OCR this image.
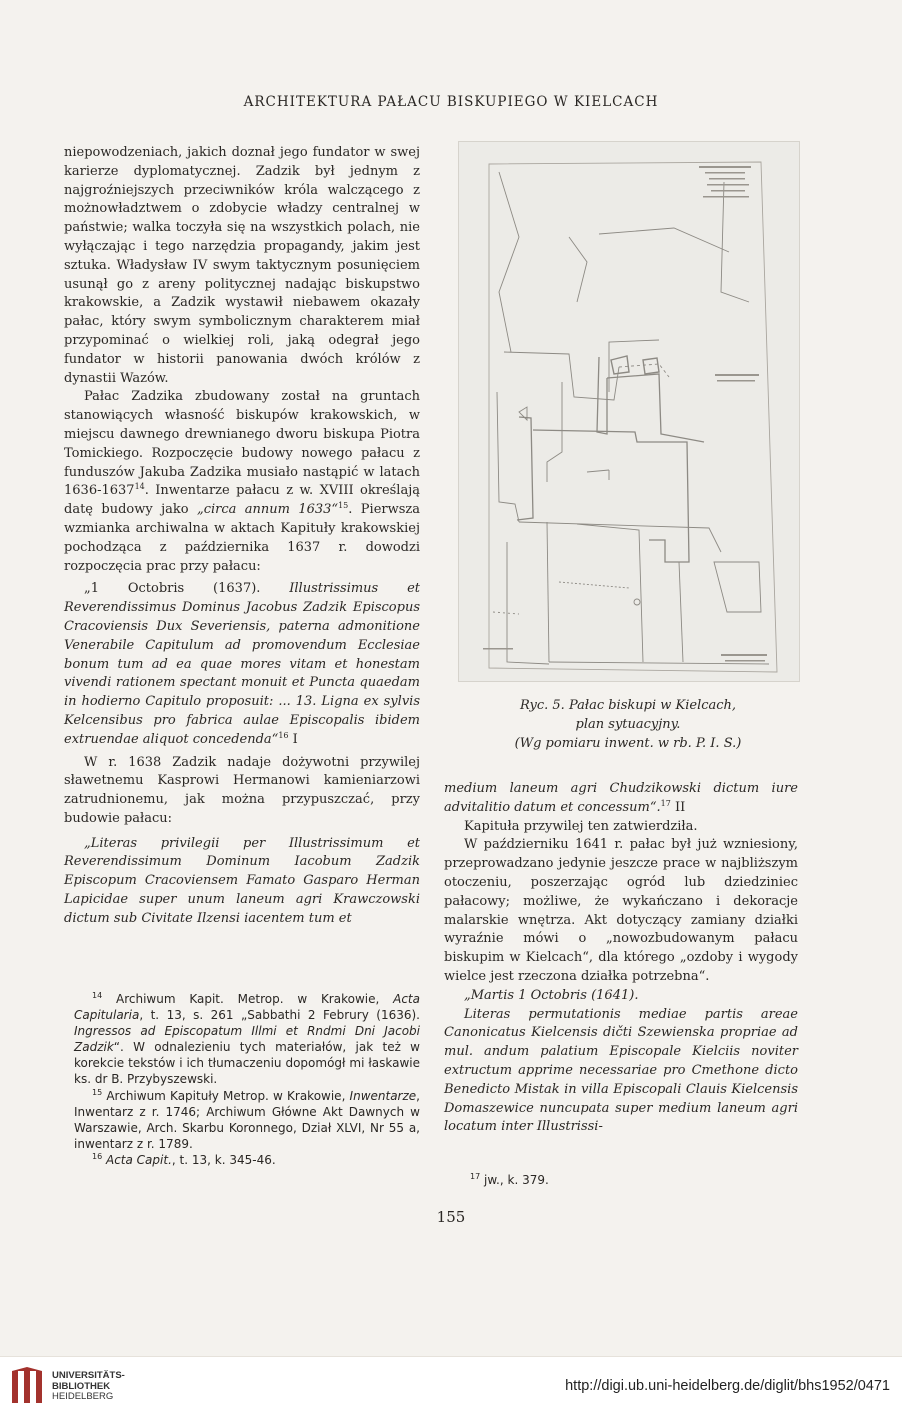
ARCHITEKTURA PAŁACU BISKUPIEGO W KIELCACH

niepowodzeniach, jakich doznał jego fundator w swej karierze dyplomatycznej. Zadzik był jednym z najgroźniejszych przeciwników króla walczącego z możnowładztwem o zdobycie władzy centralnej w państwie; walka toczyła się na wszystkich polach, nie wyłączając i tego narzędzia propagandy, jakim jest sztuka. Władysław IV swym taktycznym posunięciem usunął go z areny politycznej nadając biskupstwo krakowskie, a Zadzik wystawił niebawem okazały pałac, który swym symbolicznym charakterem miał przypominać o wielkiej roli, jaką odegrał jego fundator w historii panowania dwóch królów z dynastii Wazów.

Pałac Zadzika zbudowany został na gruntach stanowiących własność biskupów krakowskich, w miejscu dawnego drewnianego dworu biskupa Piotra Tomickiego. Rozpoczęcie budowy nowego pałacu z funduszów Jakuba Zadzika musiało nastąpić w latach 1636-1637$^{14}$. Inwentarze pałacu z w. XVIII określają datę budowy jako „circa annum 1633“$^{15}$. Pierwsza wzmianka archiwalna w aktach Kapituły krakowskiej pochodząca z października 1637 r. dowodzi rozpoczęcia prac przy pałacu:

„1 Octobris (1637). Illustrissimus et Reverendissimus Dominus Jacobus Zadzik Episcopus Cracoviensis Dux Severiensis, paterna admonitione Venerabile Capitulum ad promovendum Ecclesiae bonum tum ad ea quae mores vitam et honestam vivendi rationem spectant monuit et Puncta quaedam in hodierno Capitulo proposuit: ... 13. Ligna ex sylvis Kelcensibus pro fabrica aulae Episcopalis ibidem extruendae aliquot concedenda“$^{16}$ I

W r. 1638 Zadzik nadaje dożywotni przywilej sławetnemu Kasprowi Hermanowi kamieniarzowi zatrudnionemu, jak można przypuszczać, przy budowie pałacu:

„Literas privilegii per Illustrissimum et Reverendissimum Dominum Iacobum Zadzik Episcopum Cracoviensem Famato Gasparo Herman Lapicidae super unum laneum agri Krawczowski dictum sub Civitate Ilzensi iacentem tum et

$^{14}$ Archiwum Kapit. Metrop. w Krakowie, Acta Capitularia, t. 13, s. 261 „Sabbathi 2 Februry (1636). Ingressos ad Episcopatum Illmi et Rndmi Dni Jacobi Zadzik“. W odnalezieniu tych materiałów, jak też w korekcie tekstów i ich tłumaczeniu dopomógł mi łaskawie ks. dr B. Przybyszewski.

$^{15}$ Archiwum Kapituły Metrop. w Krakowie, Inwentarze, Inwentarz z r. 1746; Archiwum Główne Akt Dawnych w Warszawie, Arch. Skarbu Koronnego, Dział XLVI, Nr 55 a, inwentarz z r. 1789.

$^{16}$ Acta Capit., t. 13, k. 345-46.

Ryc. 5. Pałac biskupi w Kielcach,
plan sytuacyjny.
(Wg pomiaru inwent. w rb. P. I. S.)

medium laneum agri Chudzikowski dictum iure advitalitio datum et concessum“.$^{17}$ II

Kapituła przywilej ten zatwierdziła.

W październiku 1641 r. pałac był już wzniesiony, przeprowadzano jedynie jeszcze prace w najbliższym otoczeniu, poszerzając ogród lub dziedziniec pałacowy; możliwe, że wykańczano i dekoracje malarskie wnętrza. Akt dotyczący zamiany działki wyraźnie mówi o „nowozbudowanym pałacu biskupim w Kielcach“, dla którego „ozdoby i wygody wielce jest rzeczona działka potrzebna“.

„Martis 1 Octobris (1641).

Literas permutationis mediae partis areae Canonicatus Kielcensis dičti Szewienska propriae ad mul. andum palatium Episcopale Kielciis noviter extructum apprime necessariae pro Cmethone dicto Benedicto Mistak in villa Episcopali Clauis Kielcensis Domaszewice nuncupata super medium laneum agri locatum inter Illustrissi-

$^{17}$ jw., k. 379.

155
UNIVERSITÄTS-
BIBLIOTHEK
HEIDELBERG
http://digi.ub.uni-heidelberg.de/diglit/bhs1952/0471
